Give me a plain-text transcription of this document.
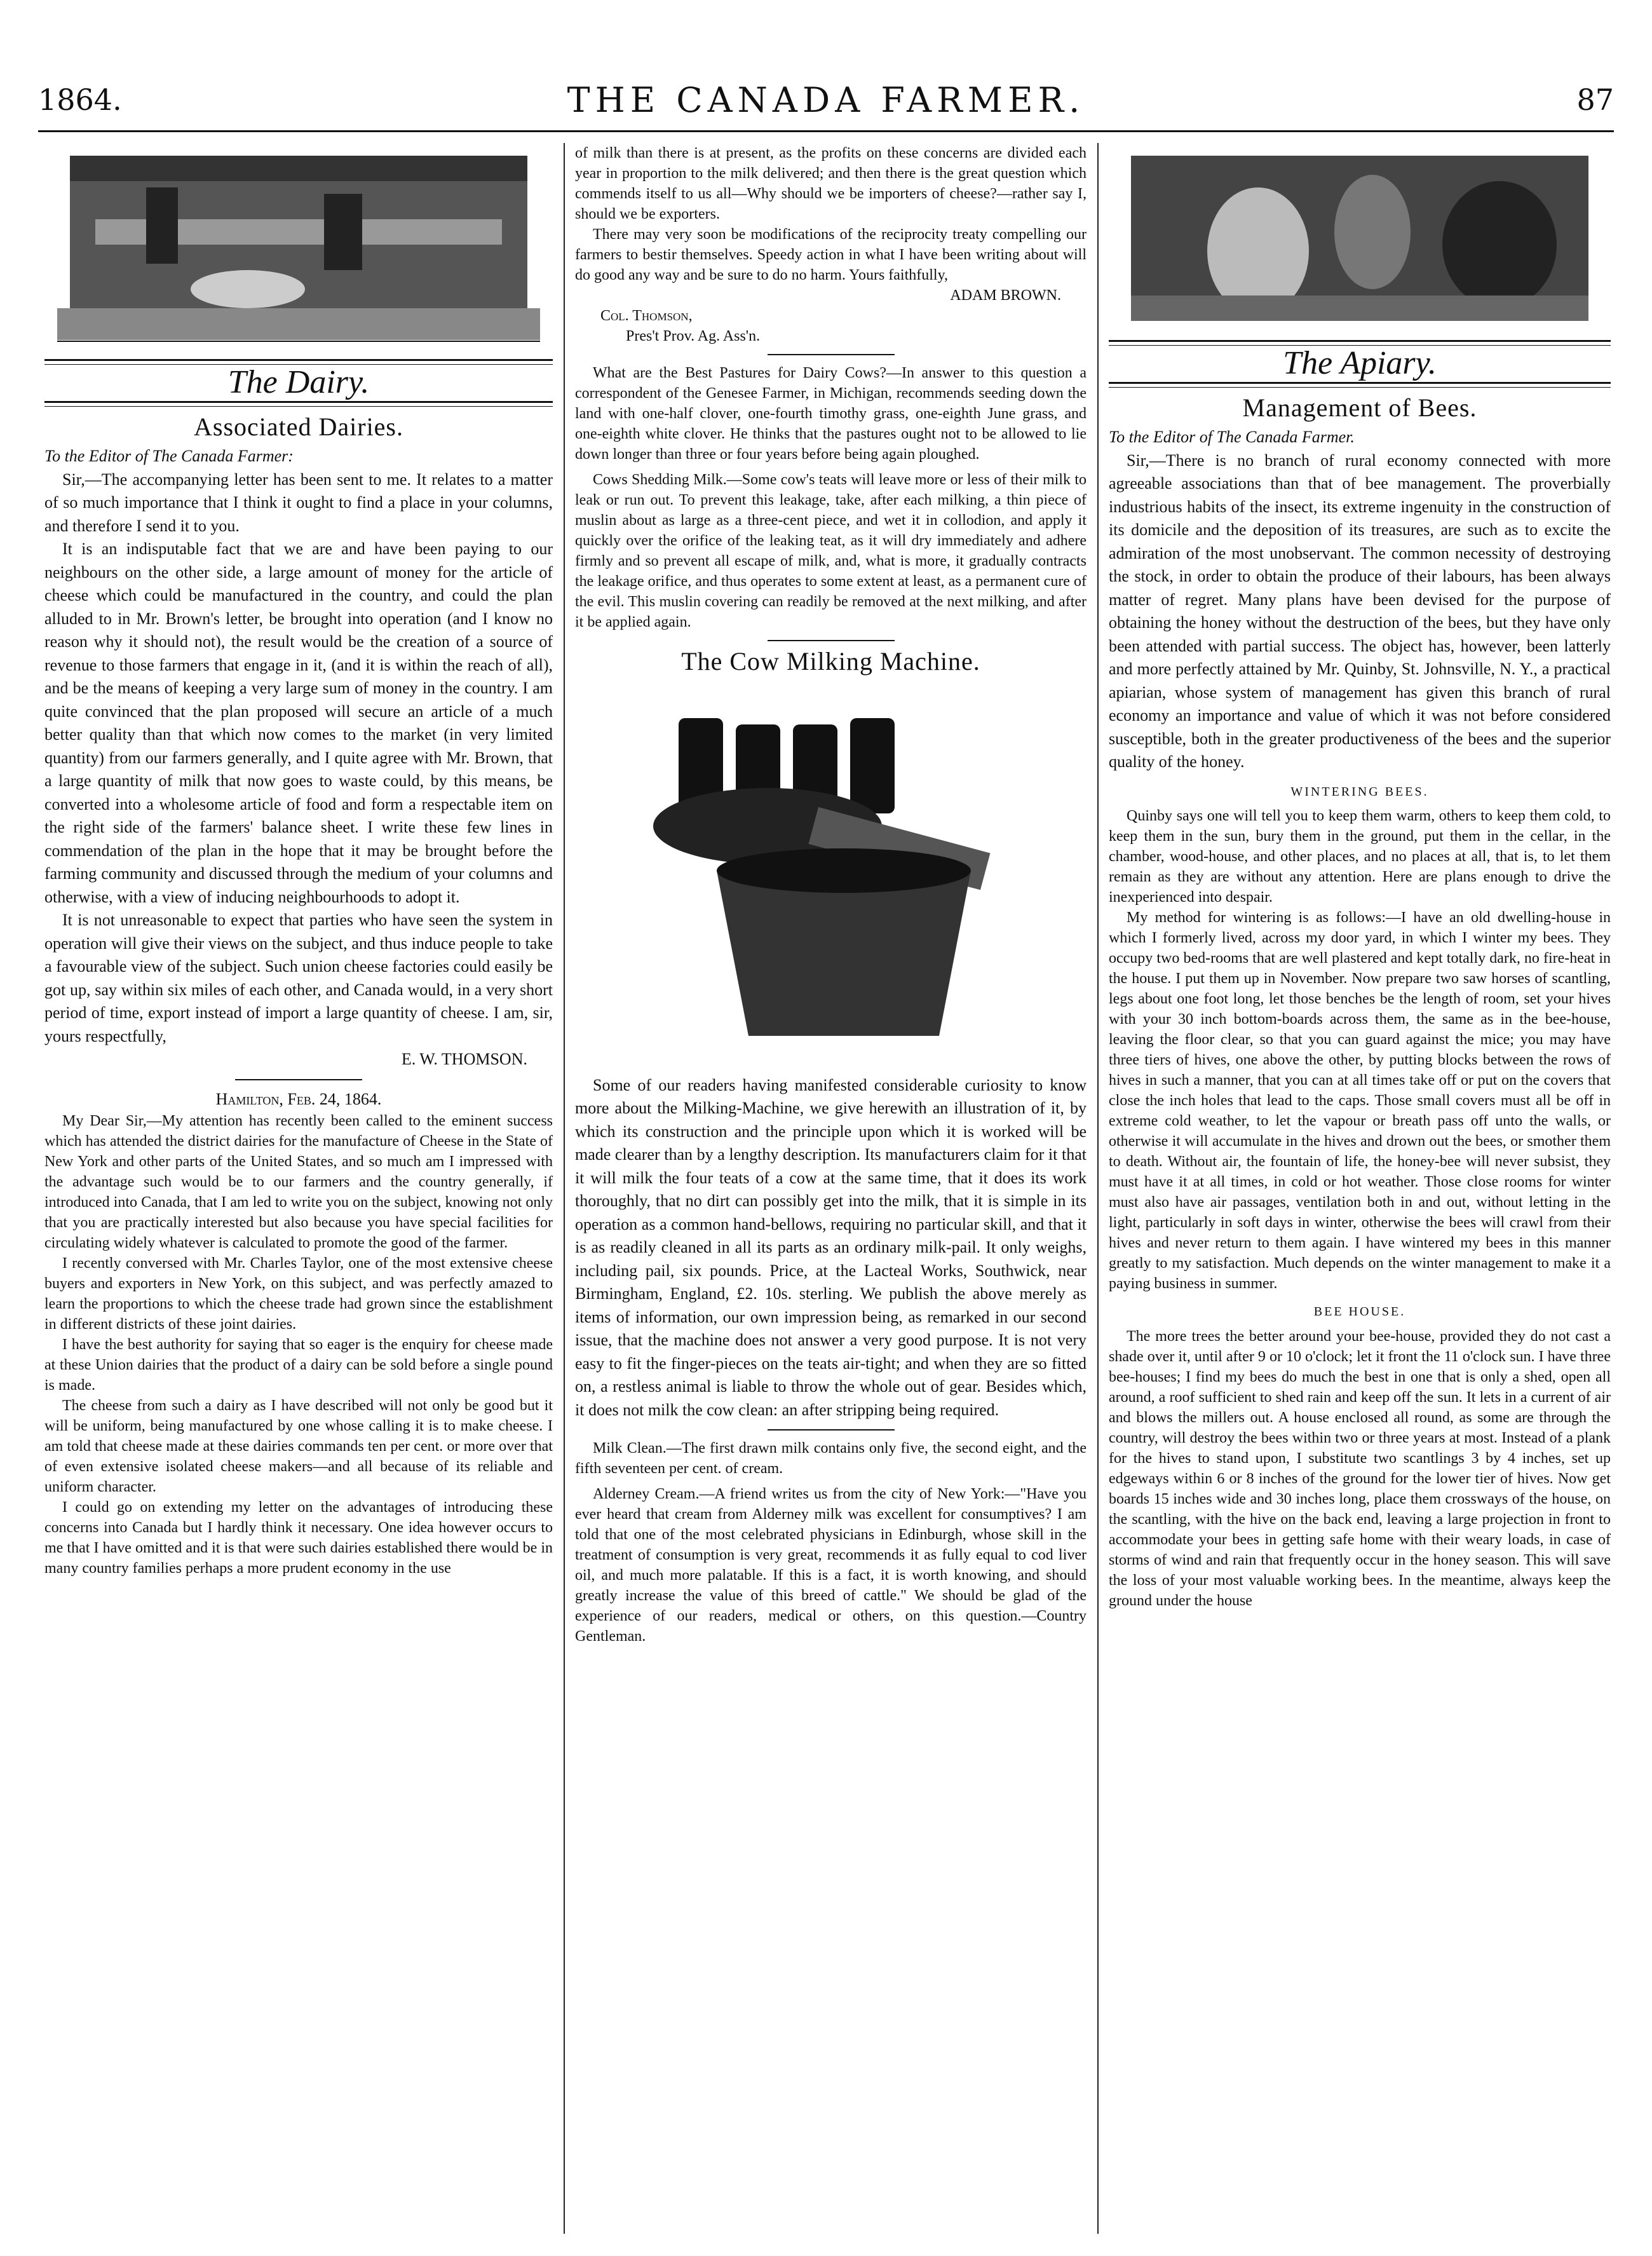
1864.	THE CANADA FARMER.	87
The Dairy.
Associated Dairies.

To the Editor of The Canada Farmer:

Sir,—The accompanying letter has been sent to me. It relates to a matter of so much importance that I think it ought to find a place in your columns, and therefore I send it to you.

It is an indisputable fact that we are and have been paying to our neighbours on the other side, a large amount of money for the article of cheese which could be manufactured in the country, and could the plan alluded to in Mr. Brown's letter, be brought into operation (and I know no reason why it should not), the result would be the creation of a source of revenue to those farmers that engage in it, (and it is within the reach of all), and be the means of keeping a very large sum of money in the country. I am quite convinced that the plan proposed will secure an article of a much better quality than that which now comes to the market (in very limited quantity) from our farmers generally, and I quite agree with Mr. Brown, that a large quantity of milk that now goes to waste could, by this means, be converted into a wholesome article of food and form a respectable item on the right side of the farmers' balance sheet. I write these few lines in commendation of the plan in the hope that it may be brought before the farming community and discussed through the medium of your columns and otherwise, with a view of inducing neighbourhoods to adopt it.

It is not unreasonable to expect that parties who have seen the system in operation will give their views on the subject, and thus induce people to take a favourable view of the subject. Such union cheese factories could easily be got up, say within six miles of each other, and Canada would, in a very short period of time, export instead of import a large quantity of cheese. I am, sir, yours respectfully,

E. W. THOMSON.

Hamilton, Feb. 24, 1864.

My Dear Sir,—My attention has recently been called to the eminent success which has attended the district dairies for the manufacture of Cheese in the State of New York and other parts of the United States, and so much am I impressed with the advantage such would be to our farmers and the country generally, if introduced into Canada, that I am led to write you on the subject, knowing not only that you are practically interested but also because you have special facilities for circulating widely whatever is calculated to promote the good of the farmer.

I recently conversed with Mr. Charles Taylor, one of the most extensive cheese buyers and exporters in New York, on this subject, and was perfectly amazed to learn the proportions to which the cheese trade had grown since the establishment in different districts of these joint dairies.

I have the best authority for saying that so eager is the enquiry for cheese made at these Union dairies that the product of a dairy can be sold before a single pound is made.

The cheese from such a dairy as I have described will not only be good but it will be uniform, being manufactured by one whose calling it is to make cheese. I am told that cheese made at these dairies commands ten per cent. or more over that of even extensive isolated cheese makers—and all because of its reliable and uniform character.

I could go on extending my letter on the advantages of introducing these concerns into Canada but I hardly think it necessary. One idea however occurs to me that I have omitted and it is that were such dairies established there would be in many country families perhaps a more prudent economy in the use

of milk than there is at present, as the profits on these concerns are divided each year in proportion to the milk delivered; and then there is the great question which commends itself to us all—Why should we be importers of cheese?—rather say I, should we be exporters.

There may very soon be modifications of the reciprocity treaty compelling our farmers to bestir themselves. Speedy action in what I have been writing about will do good any way and be sure to do no harm. Yours faithfully,

ADAM BROWN.

Col. Thomson,

Pres't Prov. Ag. Ass'n.

What are the Best Pastures for Dairy Cows?—In answer to this question a correspondent of the Genesee Farmer, in Michigan, recommends seeding down the land with one-half clover, one-fourth timothy grass, one-eighth June grass, and one-eighth white clover. He thinks that the pastures ought not to be allowed to lie down longer than three or four years before being again ploughed.

Cows Shedding Milk.—Some cow's teats will leave more or less of their milk to leak or run out. To prevent this leakage, take, after each milking, a thin piece of muslin about as large as a three-cent piece, and wet it in collodion, and apply it quickly over the orifice of the leaking teat, as it will dry immediately and adhere firmly and so prevent all escape of milk, and, what is more, it gradually contracts the leakage orifice, and thus operates to some extent at least, as a permanent cure of the evil. This muslin covering can readily be removed at the next milking, and after it be applied again.

The Cow Milking Machine.

Some of our readers having manifested considerable curiosity to know more about the Milking-Machine, we give herewith an illustration of it, by which its construction and the principle upon which it is worked will be made clearer than by a lengthy description. Its manufacturers claim for it that it will milk the four teats of a cow at the same time, that it does its work thoroughly, that no dirt can possibly get into the milk, that it is simple in its operation as a common hand-bellows, requiring no particular skill, and that it is as readily cleaned in all its parts as an ordinary milk-pail. It only weighs, including pail, six pounds. Price, at the Lacteal Works, Southwick, near Birmingham, England, £2. 10s. sterling. We publish the above merely as items of information, our own impression being, as remarked in our second issue, that the machine does not answer a very good purpose. It is not very easy to fit the finger-pieces on the teats air-tight; and when they are so fitted on, a restless animal is liable to throw the whole out of gear. Besides which, it does not milk the cow clean: an after stripping being required.

Milk Clean.—The first drawn milk contains only five, the second eight, and the fifth seventeen per cent. of cream.

Alderney Cream.—A friend writes us from the city of New York:—"Have you ever heard that cream from Alderney milk was excellent for consumptives? I am told that one of the most celebrated physicians in Edinburgh, whose skill in the treatment of consumption is very great, recommends it as fully equal to cod liver oil, and much more palatable. If this is a fact, it is worth knowing, and should greatly increase the value of this breed of cattle." We should be glad of the experience of our readers, medical or others, on this question.—Country Gentleman.

The Apiary.
Management of Bees.

To the Editor of The Canada Farmer.

Sir,—There is no branch of rural economy connected with more agreeable associations than that of bee management. The proverbially industrious habits of the insect, its extreme ingenuity in the construction of its domicile and the deposition of its treasures, are such as to excite the admiration of the most unobservant. The common necessity of destroying the stock, in order to obtain the produce of their labours, has been always matter of regret. Many plans have been devised for the purpose of obtaining the honey without the destruction of the bees, but they have only been attended with partial success. The object has, however, been latterly and more perfectly attained by Mr. Quinby, St. Johnsville, N. Y., a practical apiarian, whose system of management has given this branch of rural economy an importance and value of which it was not before considered susceptible, both in the greater productiveness of the bees and the superior quality of the honey.

WINTERING BEES.

Quinby says one will tell you to keep them warm, others to keep them cold, to keep them in the sun, bury them in the ground, put them in the cellar, in the chamber, wood-house, and other places, and no places at all, that is, to let them remain as they are without any attention. Here are plans enough to drive the inexperienced into despair.

My method for wintering is as follows:—I have an old dwelling-house in which I formerly lived, across my door yard, in which I winter my bees. They occupy two bed-rooms that are well plastered and kept totally dark, no fire-heat in the house. I put them up in November. Now prepare two saw horses of scantling, legs about one foot long, let those benches be the length of room, set your hives with your 30 inch bottom-boards across them, the same as in the bee-house, leaving the floor clear, so that you can guard against the mice; you may have three tiers of hives, one above the other, by putting blocks between the rows of hives in such a manner, that you can at all times take off or put on the covers that close the inch holes that lead to the caps. Those small covers must all be off in extreme cold weather, to let the vapour or breath pass off unto the walls, or otherwise it will accumulate in the hives and drown out the bees, or smother them to death. Without air, the fountain of life, the honey-bee will never subsist, they must have it at all times, in cold or hot weather. Those close rooms for winter must also have air passages, ventilation both in and out, without letting in the light, particularly in soft days in winter, otherwise the bees will crawl from their hives and never return to them again. I have wintered my bees in this manner greatly to my satisfaction. Much depends on the winter management to make it a paying business in summer.

BEE HOUSE.

The more trees the better around your bee-house, provided they do not cast a shade over it, until after 9 or 10 o'clock; let it front the 11 o'clock sun. I have three bee-houses; I find my bees do much the best in one that is only a shed, open all around, a roof sufficient to shed rain and keep off the sun. It lets in a current of air and blows the millers out. A house enclosed all round, as some are through the country, will destroy the bees within two or three years at most. Instead of a plank for the hives to stand upon, I substitute two scantlings 3 by 4 inches, set up edgeways within 6 or 8 inches of the ground for the lower tier of hives. Now get boards 15 inches wide and 30 inches long, place them crossways of the house, on the scantling, with the hive on the back end, leaving a large projection in front to accommodate your bees in getting safe home with their weary loads, in case of storms of wind and rain that frequently occur in the honey season. This will save the loss of your most valuable working bees. In the meantime, always keep the ground under the house
